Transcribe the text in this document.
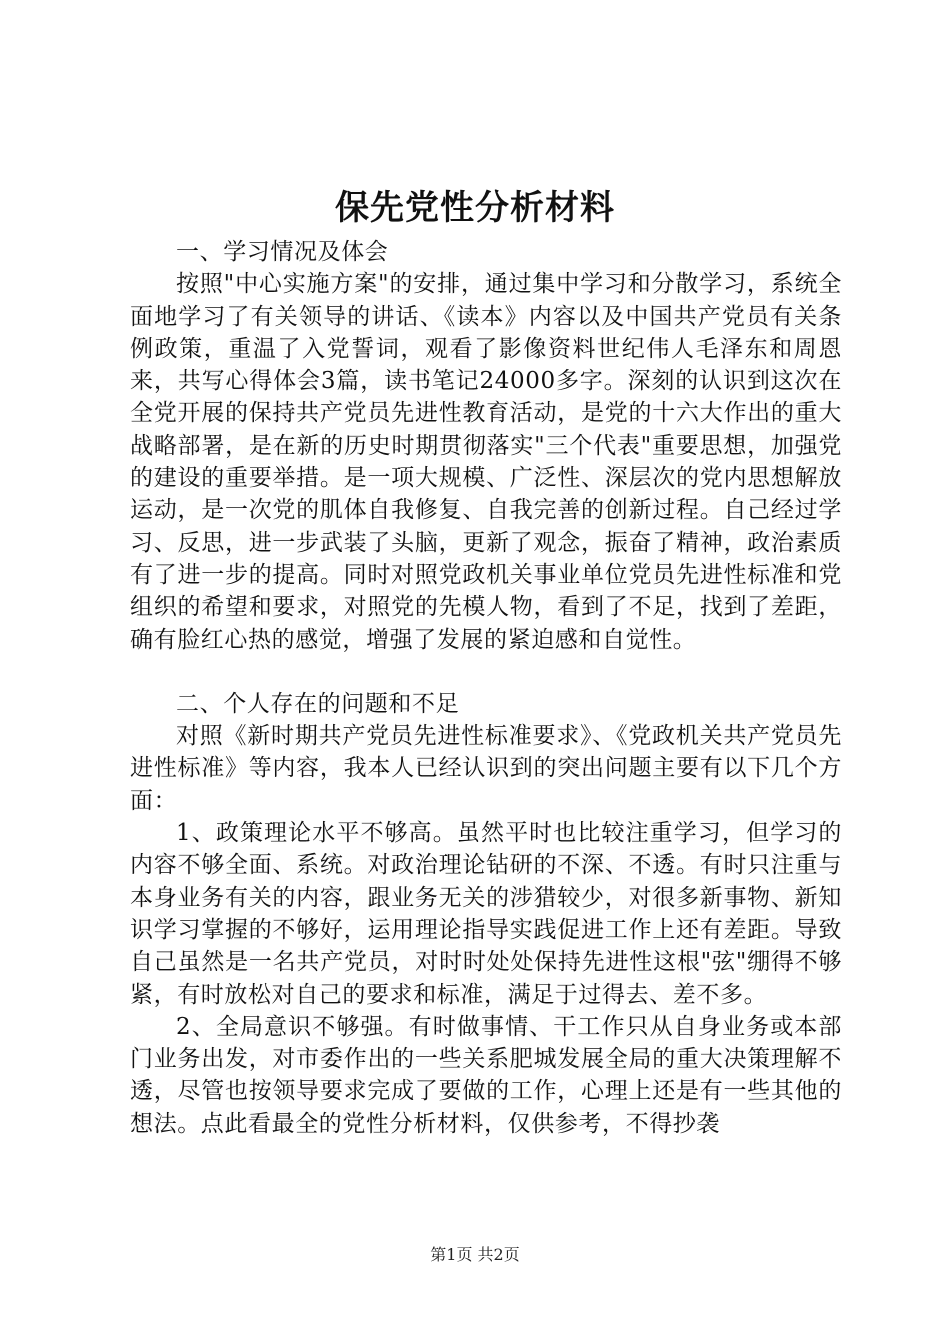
保先党性分析材料

一、学习情况及体会

按照"中心实施方案"的安排，通过集中学习和分散学习，系统全面地学习了有关领导的讲话、《读本》内容以及中国共产党员有关条例政策，重温了入党誓词，观看了影像资料世纪伟人毛泽东和周恩来，共写心得体会3篇，读书笔记24000多字。深刻的认识到这次在全党开展的保持共产党员先进性教育活动，是党的十六大作出的重大战略部署，是在新的历史时期贯彻落实"三个代表"重要思想，加强党的建设的重要举措。是一项大规模、广泛性、深层次的党内思想解放运动，是一次党的肌体自我修复、自我完善的创新过程。自己经过学习、反思，进一步武装了头脑，更新了观念，振奋了精神，政治素质有了进一步的提高。同时对照党政机关事业单位党员先进性标准和党组织的希望和要求，对照党的先模人物，看到了不足，找到了差距，确有脸红心热的感觉，增强了发展的紧迫感和自觉性。

二、个人存在的问题和不足

对照《新时期共产党员先进性标准要求》、《党政机关共产党员先进性标准》等内容，我本人已经认识到的突出问题主要有以下几个方面：

1、政策理论水平不够高。虽然平时也比较注重学习，但学习的内容不够全面、系统。对政治理论钻研的不深、不透。有时只注重与本身业务有关的内容，跟业务无关的涉猎较少，对很多新事物、新知识学习掌握的不够好，运用理论指导实践促进工作上还有差距。导致自己虽然是一名共产党员，对时时处处保持先进性这根"弦"绷得不够紧，有时放松对自己的要求和标准，满足于过得去、差不多。

2、全局意识不够强。有时做事情、干工作只从自身业务或本部门业务出发，对市委作出的一些关系肥城发展全局的重大决策理解不透，尽管也按领导要求完成了要做的工作，心理上还是有一些其他的想法。点此看最全的党性分析材料，仅供参考，不得抄袭

第1页 共2页
